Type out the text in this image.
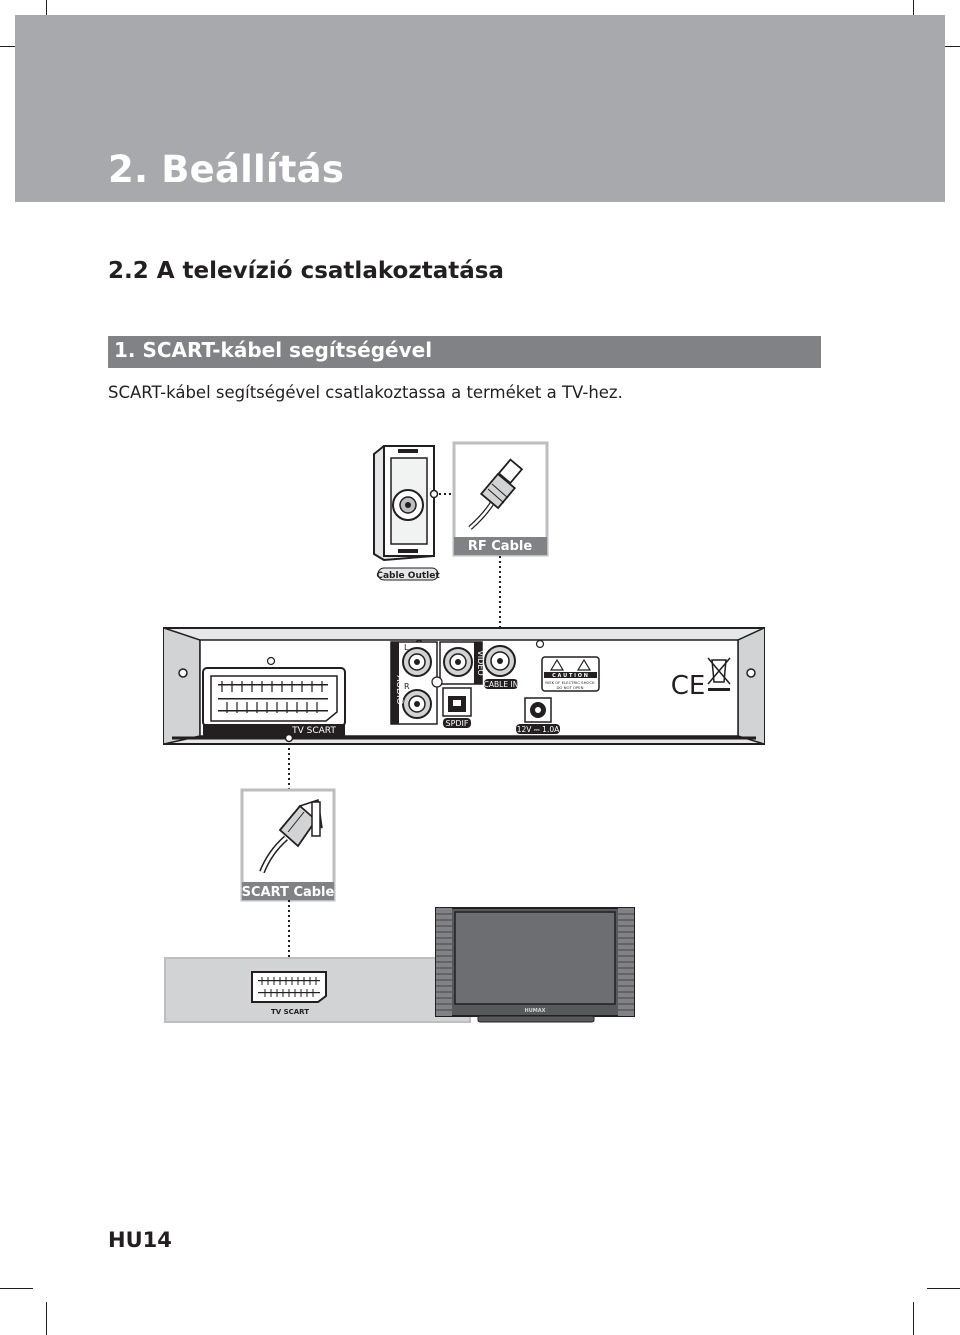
2. Beállítás
2.2 A televízió csatlakoztatása
1. SCART-kábel segítségével
SCART-kábel segítségével csatlakoztassa a terméket a TV-hez.
Cable Outlet
RF Cable
TV SCART
AUDIO
L
R
VIDEO
CABLE IN
SPDIF
12V ⎓ 1.0A
C A U T I O N
RISK OF ELECTRIC SHOCK
DO NOT OPEN	CE
SCART Cable
TV SCART	HUMAX
HU14
